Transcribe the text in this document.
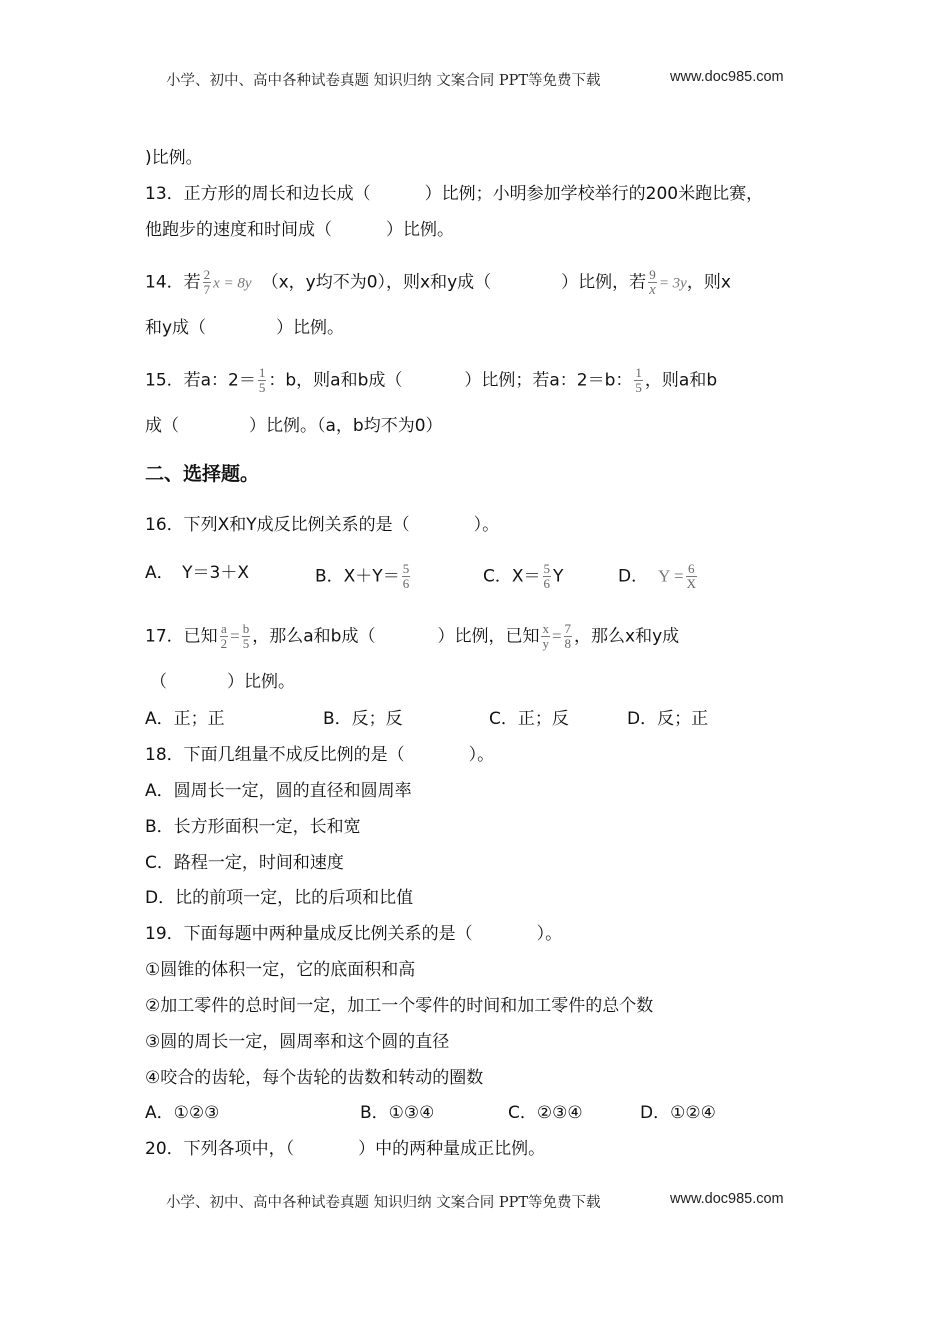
小学、初中、高中各种试卷真题 知识归纳 文案合同 PPT等免费下载	www.doc985.com
)比例。
13．正方形的周长和边长成（	）比例；小明参加学校举行的200米跑比赛，
他跑步的速度和时间成（	）比例。
14．若 $\frac{2}{7}$ x = 8y （x，y均不为0），则x和y成（	）比例，若 $\frac{9}{x} = 3y$，则x
和y成（	）比例。
15．若a：$2= \frac{1}{5}$ ：b，则a和b成（	）比例；若a：2＝b： $\frac{1}{5}$ ，则a和b
成（	）比例。（a，b均不为0）
二、选择题。
16．下列X和Y成反比例关系的是（	）。
A．　Y＝3＋X	B．$X+Y= \frac{5}{6}$	C．$X= \frac{5}{6}$ Y	D． $Y = \frac{6}{X}$
17．已知 $\frac{a}{2} = \frac{b}{5}$ ，那么a和b成（	）比例，已知 $\frac{x}{y} = \frac{7}{8}$ ，那么x和y成
（	）比例。
A．正；正	B．反；反	C．正；反	D．反；正
18．下面几组量不成反比例的是（	）。
A．圆周长一定，圆的直径和圆周率
B．长方形面积一定，长和宽
C．路程一定，时间和速度
D．比的前项一定，比的后项和比值
19．下面每题中两种量成反比例关系的是（	）。
①圆锥的体积一定，它的底面积和高
②加工零件的总时间一定，加工一个零件的时间和加工零件的总个数
③圆的周长一定，圆周率和这个圆的直径
④咬合的齿轮，每个齿轮的齿数和转动的圈数
A．①②③	B．①③④	C．②③④	D．①②④
20．下列各项中，（	）中的两种量成正比例。
小学、初中、高中各种试卷真题 知识归纳 文案合同 PPT等免费下载	www.doc985.com
